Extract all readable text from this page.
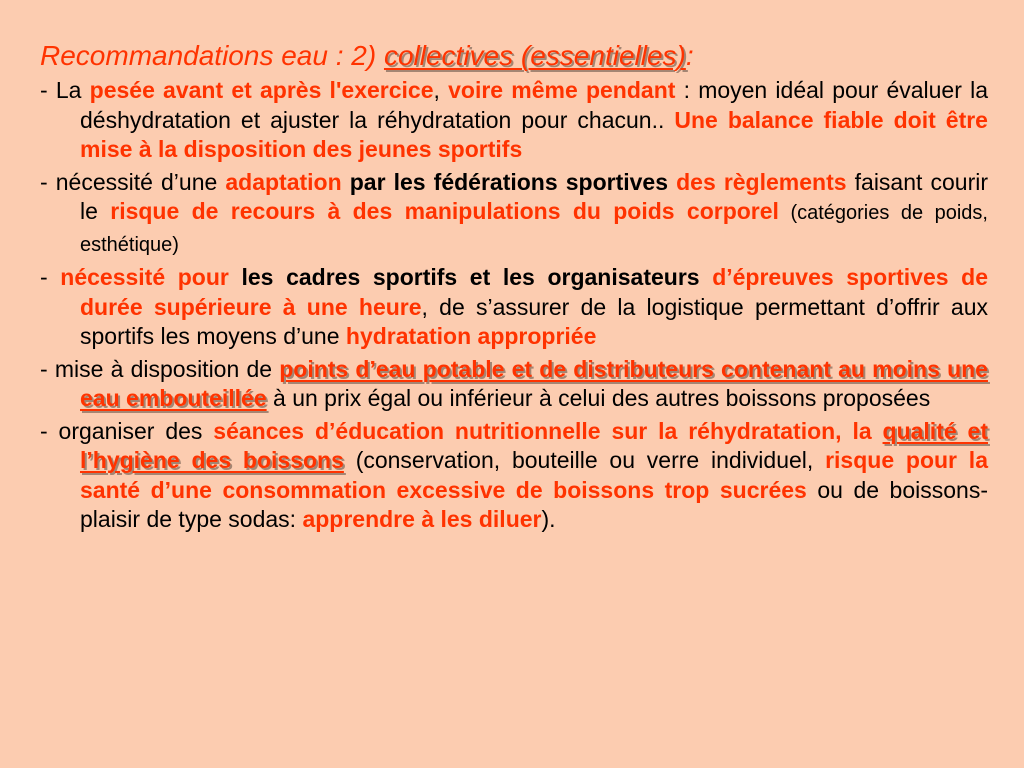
Recommandations eau : 2) collectives (essentielles):
- La pesée avant et après l'exercice, voire même pendant : moyen idéal pour évaluer la déshydratation et ajuster la réhydratation pour chacun.. Une balance fiable doit être mise à la disposition des jeunes sportifs
- nécessité d’une adaptation par les fédérations sportives des règlements faisant courir le risque de recours à des manipulations du poids corporel (catégories de poids, esthétique)
- nécessité pour les cadres sportifs et les organisateurs d’épreuves sportives de durée supérieure à une heure, de s’assurer de la logistique permettant d’offrir aux sportifs les moyens d’une hydratation appropriée
- mise à disposition de points d’eau potable et de distributeurs contenant au moins une eau embouteillée à un prix égal ou inférieur à celui des autres boissons proposées
- organiser des séances d’éducation nutritionnelle sur la réhydratation, la qualité et l’hygiène des boissons (conservation, bouteille ou verre individuel, risque pour la santé d’une consommation excessive de boissons trop sucrées ou de boissons-plaisir de type sodas: apprendre à les diluer).
